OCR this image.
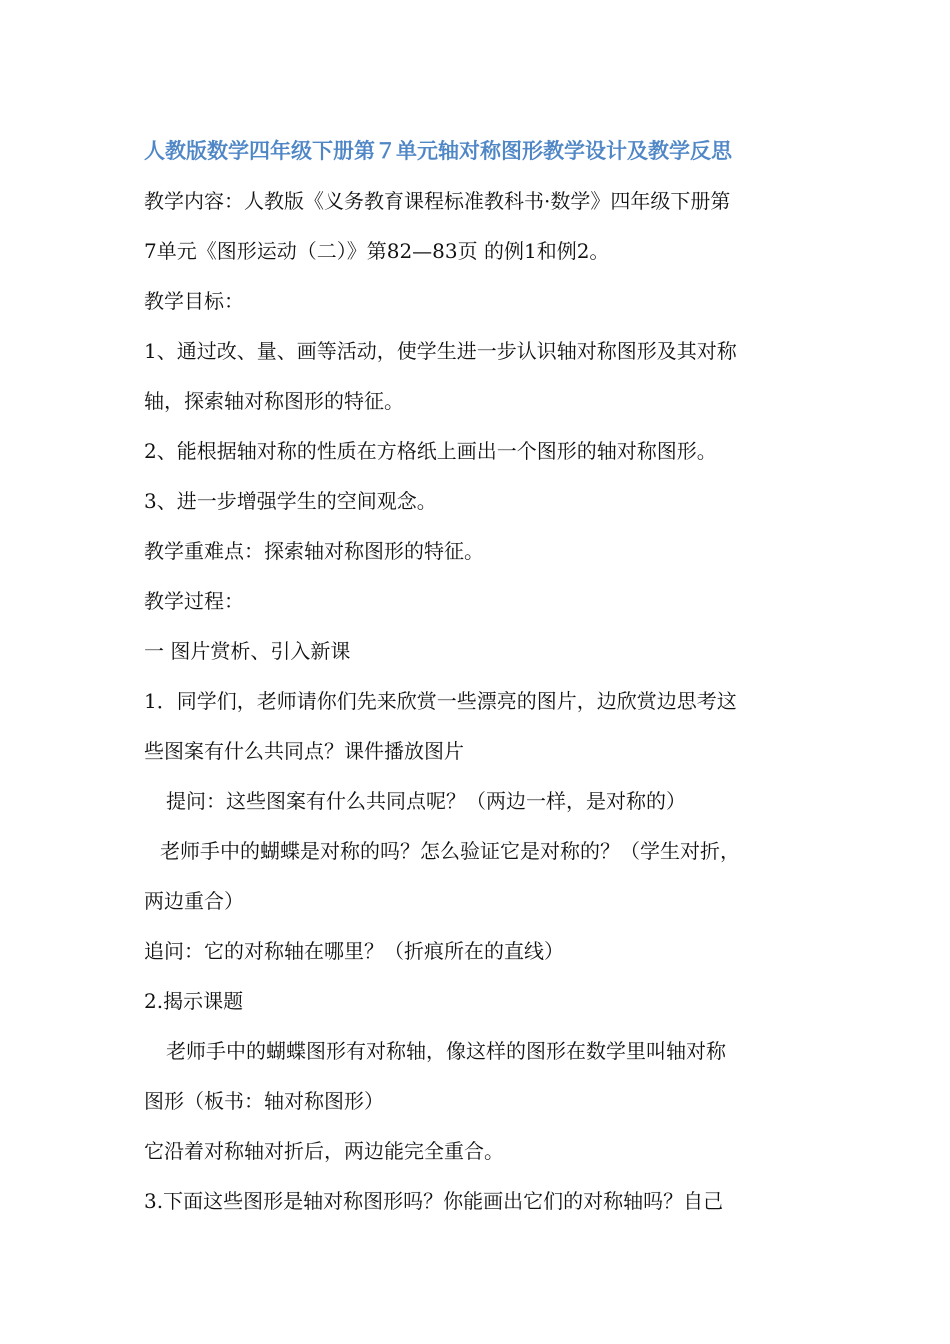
人教版数学四年级下册第７单元轴对称图形教学设计及教学反思
教学内容：人教版《义务教育课程标准教科书·数学》四年级下册第
7单元《图形运动（二）》第82—83页 的例1和例2。
教学目标：
1、通过改、量、画等活动，使学生进一步认识轴对称图形及其对称
轴，探索轴对称图形的特征。
2、能根据轴对称的性质在方格纸上画出一个图形的轴对称图形。
3、进一步增强学生的空间观念。
教学重难点：探索轴对称图形的特征。
教学过程：
一 图片赏析、引入新课
1．同学们，老师请你们先来欣赏一些漂亮的图片，边欣赏边思考这
些图案有什么共同点？课件播放图片
提问：这些图案有什么共同点呢？（两边一样，是对称的）
老师手中的蝴蝶是对称的吗？怎么验证它是对称的？（学生对折，
两边重合）
追问：它的对称轴在哪里？（折痕所在的直线）
2.揭示课题
老师手中的蝴蝶图形有对称轴，像这样的图形在数学里叫轴对称
图形（板书：轴对称图形）
它沿着对称轴对折后，两边能完全重合。
3.下面这些图形是轴对称图形吗？你能画出它们的对称轴吗？自己
